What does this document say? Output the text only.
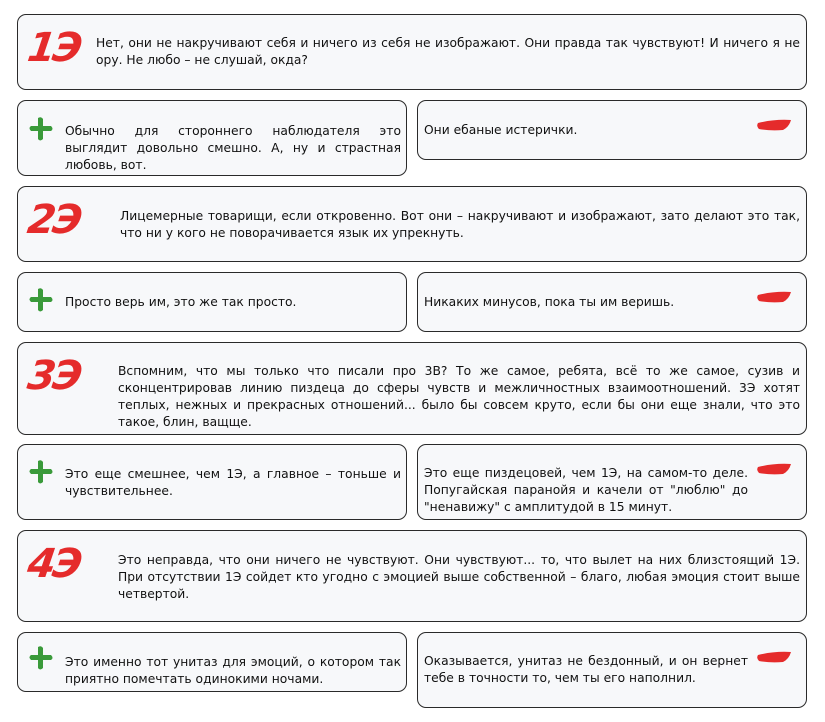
1Э Нет, они не накручивают себя и ничего из себя не изображают. Они правда так чувствуют! И ничего я не ору. Не любо – не слушай, окда?
Обычно для стороннего наблюдателя это выглядит довольно смешно. А, ну и страстная любовь, вот.
Они ебаные истерички.
2Э	Лицемерные товарищи, если откровенно. Вот они – накручивают и изображают, зато делают это так, что ни у кого не поворачивается язык их упрекнуть.
Просто верь им, это же так просто.	Никаких минусов, пока ты им веришь.
3Э	Вспомним, что мы только что писали про 3В? То же самое, ребята, всё то же самое, сузив и сконцентрировав линию пиздеца до сферы чувств и межличностных взаимоотношений. 3Э хотят теплых, нежных и прекрасных отношений... было бы совсем круто, если бы они еще знали, что это такое, блин, ващще.
Это еще смешнее, чем 1Э, а главное – тоньше и чувствительнее.
Это еще пиздецовей, чем 1Э, на самом-то деле. Попугайская паранойя и качели от "люблю" до "ненавижу" с амплитудой в 15 минут.
4Э	Это неправда, что они ничего не чувствуют. Они чувствуют... то, что вылет на них близстоящий 1Э. При отсутствии 1Э сойдет кто угодно с эмоцией выше собственной – благо, любая эмоция стоит выше четвертой.
Это именно тот унитаз для эмоций, о котором так приятно помечтать одинокими ночами.
Оказывается, унитаз не бездонный, и он вернет тебе в точности то, чем ты его наполнил.
